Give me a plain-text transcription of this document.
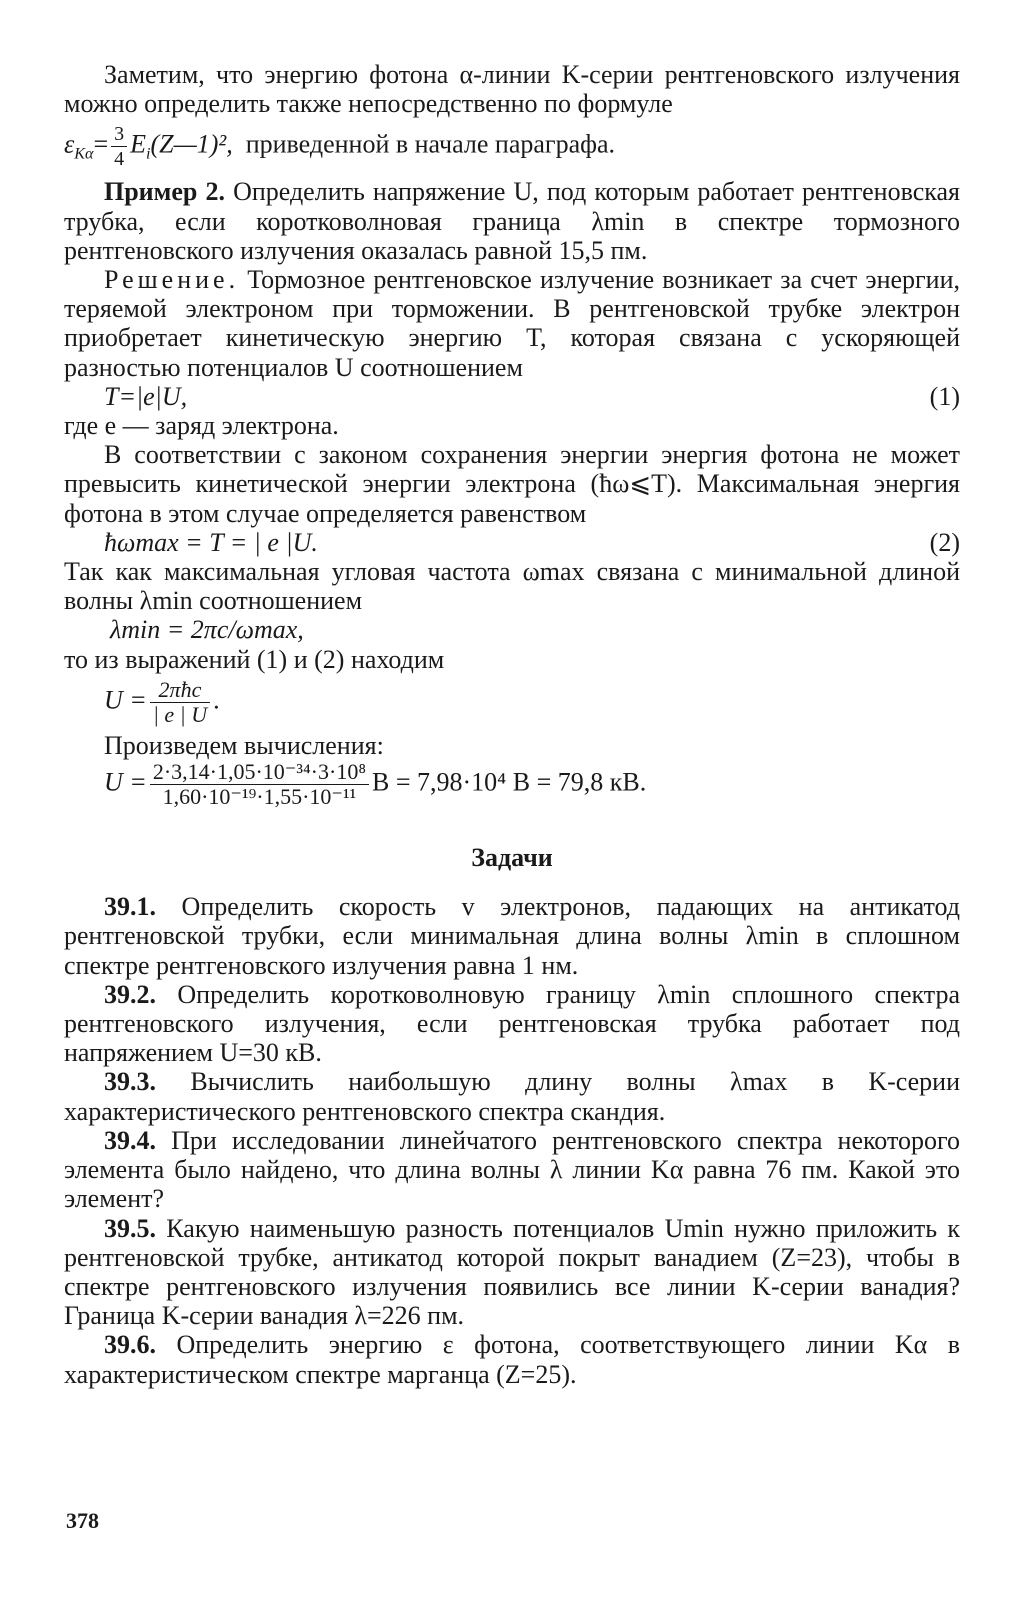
Заметим, что энергию фотона α-линии K-серии рентгеновского излучения можно определить также непосредственно по формуле

$\varepsilon_{K\alpha}= \frac{3}{4}$ $E_i(Z—1)^2$, приведенной в начале параграфа.

Пример 2. Определить напряжение U, под которым работает рентгеновская трубка, если коротковолновая граница λmin в спектре тормозного рентгеновского излучения оказалась равной 15,5 пм.

Решение. Тормозное рентгеновское излучение возникает за счет энергии, теряемой электроном при торможении. В рентгеновской трубке электрон приобретает кинетическую энергию T, которая связана с ускоряющей разностью потенциалов U соотношением

T=|e|U,	(1)

где e — заряд электрона.

В соответствии с законом сохранения энергии энергия фотона не может превысить кинетической энергии электрона (ħω⩽T). Максимальная энергия фотона в этом случае определяется равенством

ħωmax = T = | e |U.	(2)

Так как максимальная угловая частота ωmax связана с минимальной длиной волны λmin соотношением

λmin = 2πc/ωmax,

то из выражений (1) и (2) находим

$U = \frac{\text{2πħc}}{| e | U}$ .

Произведем вычисления:

$U = \frac{\text{2·3,14·1,05·10⁻³⁴·3·10⁸}}{\text{1,60·10⁻¹⁹·1,55·10⁻¹¹}}$ В = 7,98·10⁴ В = 79,8 кВ.
Задачи

39.1. Определить скорость v электронов, падающих на антикатод рентгеновской трубки, если минимальная длина волны λmin в сплошном спектре рентгеновского излучения равна 1 нм.

39.2. Определить коротковолновую границу λmin сплошного спектра рентгеновского излучения, если рентгеновская трубка работает под напряжением U=30 кВ.

39.3. Вычислить наибольшую длину волны λmax в K-серии характеристического рентгеновского спектра скандия.

39.4. При исследовании линейчатого рентгеновского спектра некоторого элемента было найдено, что длина волны λ линии Kα равна 76 пм. Какой это элемент?

39.5. Какую наименьшую разность потенциалов Umin нужно приложить к рентгеновской трубке, антикатод которой покрыт ванадием (Z=23), чтобы в спектре рентгеновского излучения появились все линии K-серии ванадия? Граница K-серии ванадия λ=226 пм.

39.6. Определить энергию ε фотона, соответствующего линии Kα в характеристическом спектре марганца (Z=25).

378
